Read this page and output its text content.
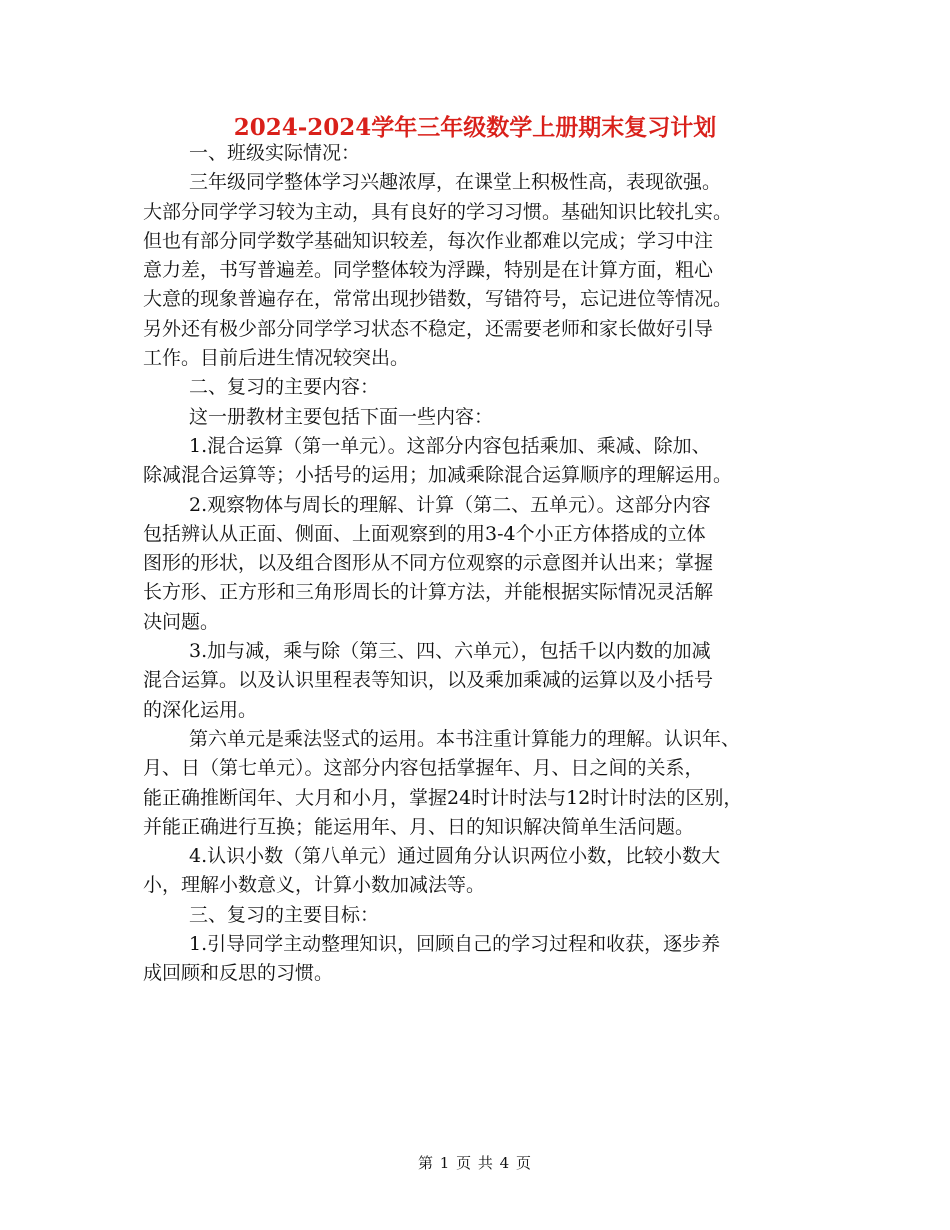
2024-2024学年三年级数学上册期末复习计划

一、班级实际情况：

三年级同学整体学习兴趣浓厚，在课堂上积极性高，表现欲强。

大部分同学学习较为主动，具有良好的学习习惯。基础知识比较扎实。

但也有部分同学数学基础知识较差，每次作业都难以完成；学习中注

意力差，书写普遍差。同学整体较为浮躁，特别是在计算方面，粗心

大意的现象普遍存在，常常出现抄错数，写错符号，忘记进位等情况。

另外还有极少部分同学学习状态不稳定，还需要老师和家长做好引导

工作。目前后进生情况较突出。

二、复习的主要内容：

这一册教材主要包括下面一些内容：

1.混合运算（第一单元）。这部分内容包括乘加、乘减、除加、

除减混合运算等；小括号的运用；加减乘除混合运算顺序的理解运用。

2.观察物体与周长的理解、计算（第二、五单元）。这部分内容

包括辨认从正面、侧面、上面观察到的用3-4个小正方体搭成的立体

图形的形状，以及组合图形从不同方位观察的示意图并认出来；掌握

长方形、正方形和三角形周长的计算方法，并能根据实际情况灵活解

决问题。

3.加与减，乘与除（第三、四、六单元），包括千以内数的加减

混合运算。以及认识里程表等知识，以及乘加乘减的运算以及小括号

的深化运用。

第六单元是乘法竖式的运用。本书注重计算能力的理解。认识年、

月、日（第七单元）。这部分内容包括掌握年、月、日之间的关系，

能正确推断闰年、大月和小月，掌握24时计时法与12时计时法的区别，

并能正确进行互换；能运用年、月、日的知识解决简单生活问题。

4.认识小数（第八单元）通过圆角分认识两位小数，比较小数大

小，理解小数意义，计算小数加减法等。

三、复习的主要目标：

1.引导同学主动整理知识，回顾自己的学习过程和收获，逐步养

成回顾和反思的习惯。

第 1 页 共 4 页
